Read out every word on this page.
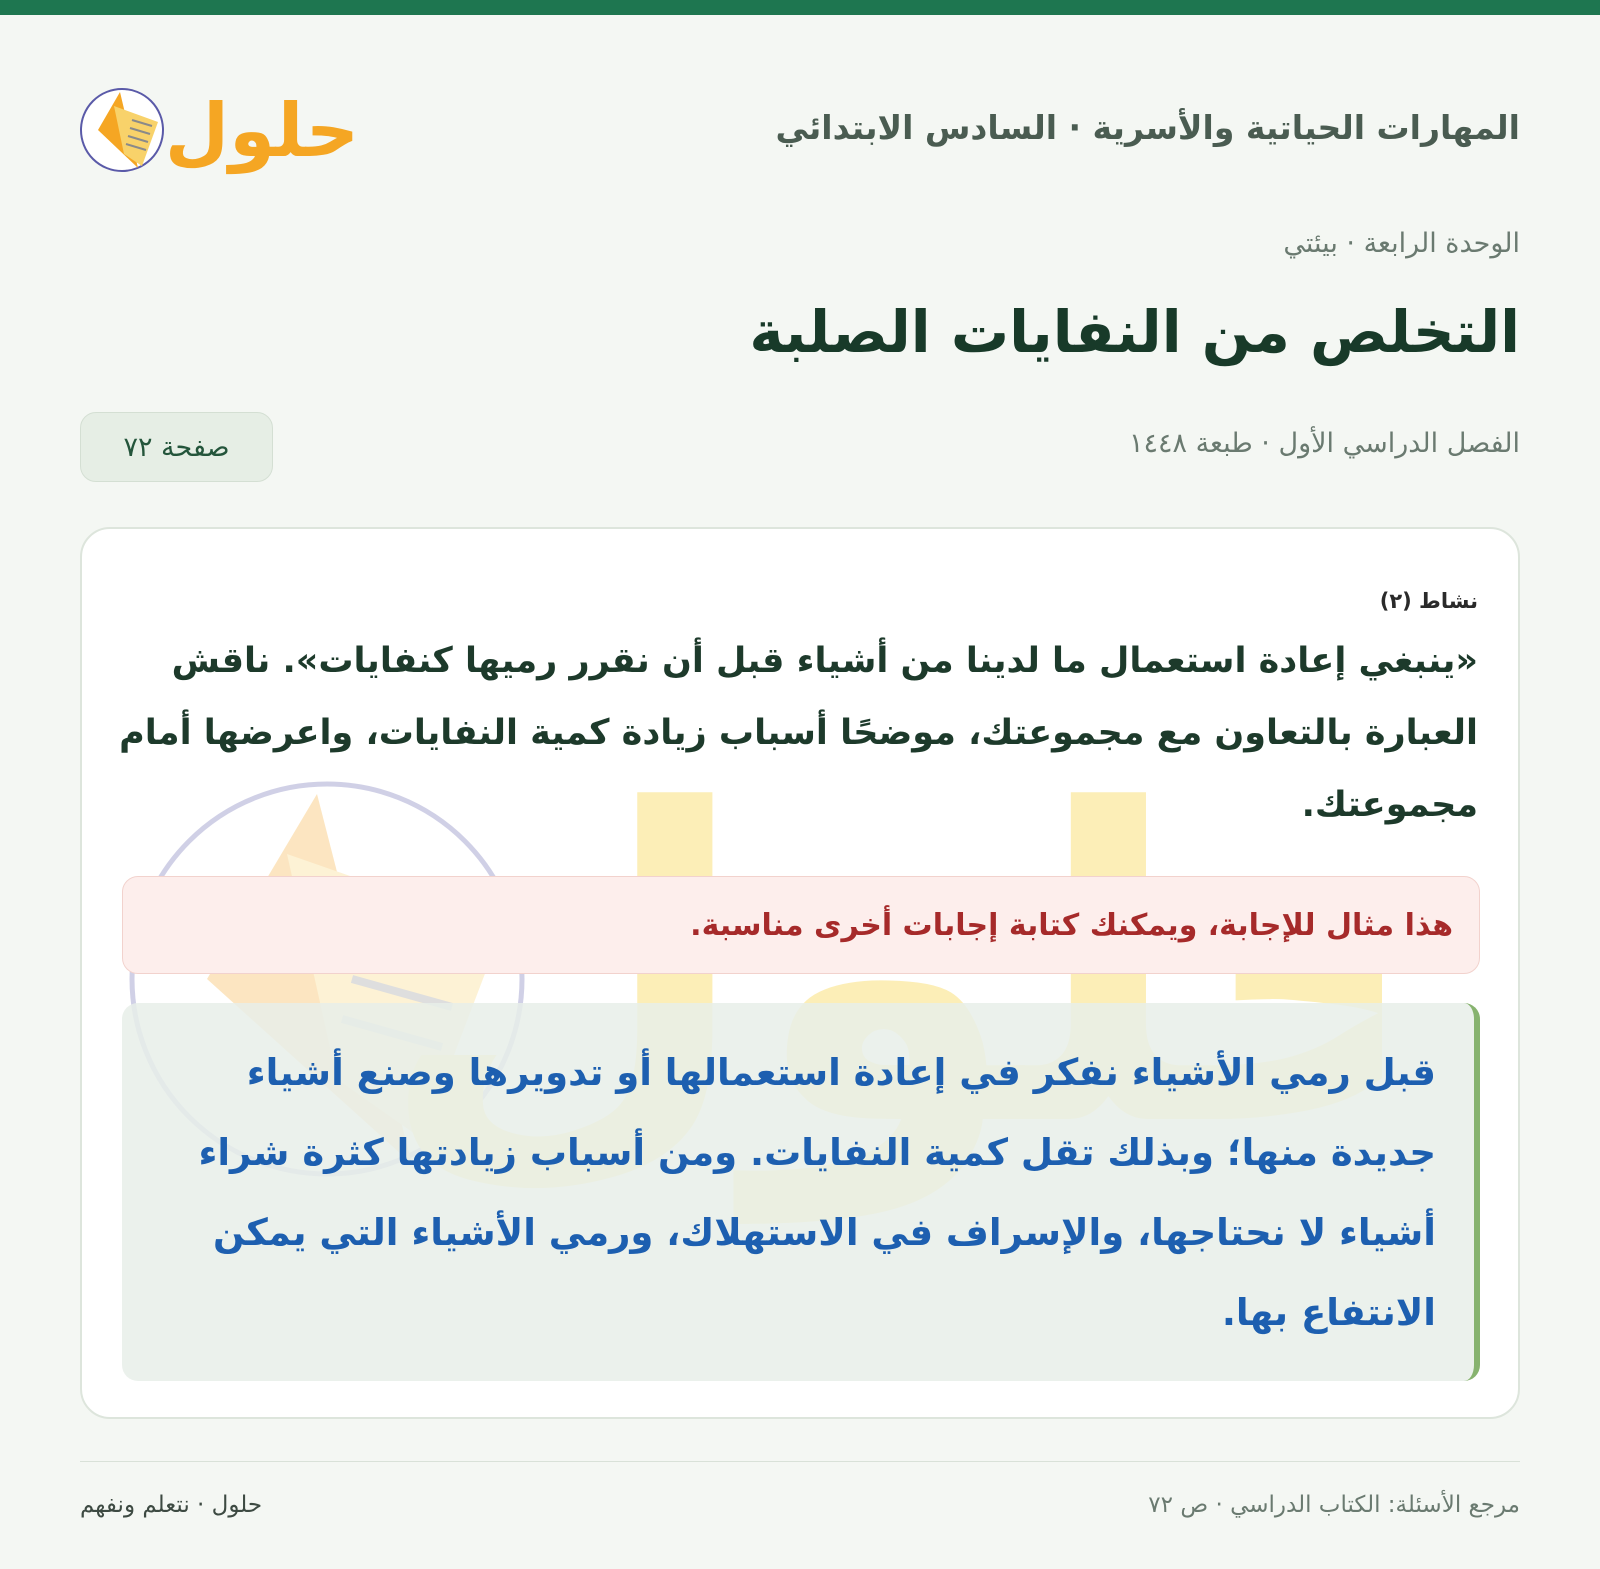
المهارات الحياتية والأسرية · السادس الابتدائي
حلول
الوحدة الرابعة · بيئتي
التخلص من النفايات الصلبة
الفصل الدراسي الأول · طبعة ١٤٤٨
صفحة ٧٢
نشاط (٢)

«ينبغي إعادة استعمال ما لدينا من أشياء قبل أن نقرر رميها كنفايات». ناقش العبارة بالتعاون مع مجموعتك، موضحًا أسباب زيادة كمية النفايات، واعرضها أمام مجموعتك.

هذا مثال للإجابة، ويمكنك كتابة إجابات أخرى مناسبة.

قبل رمي الأشياء نفكر في إعادة استعمالها أو تدويرها وصنع أشياء جديدة منها؛ وبذلك تقل كمية النفايات. ومن أسباب زيادتها كثرة شراء أشياء لا نحتاجها، والإسراف في الاستهلاك، ورمي الأشياء التي يمكن الانتفاع بها.

مرجع الأسئلة: الكتاب الدراسي · ص ٧٢
حلول · نتعلم ونفهم
